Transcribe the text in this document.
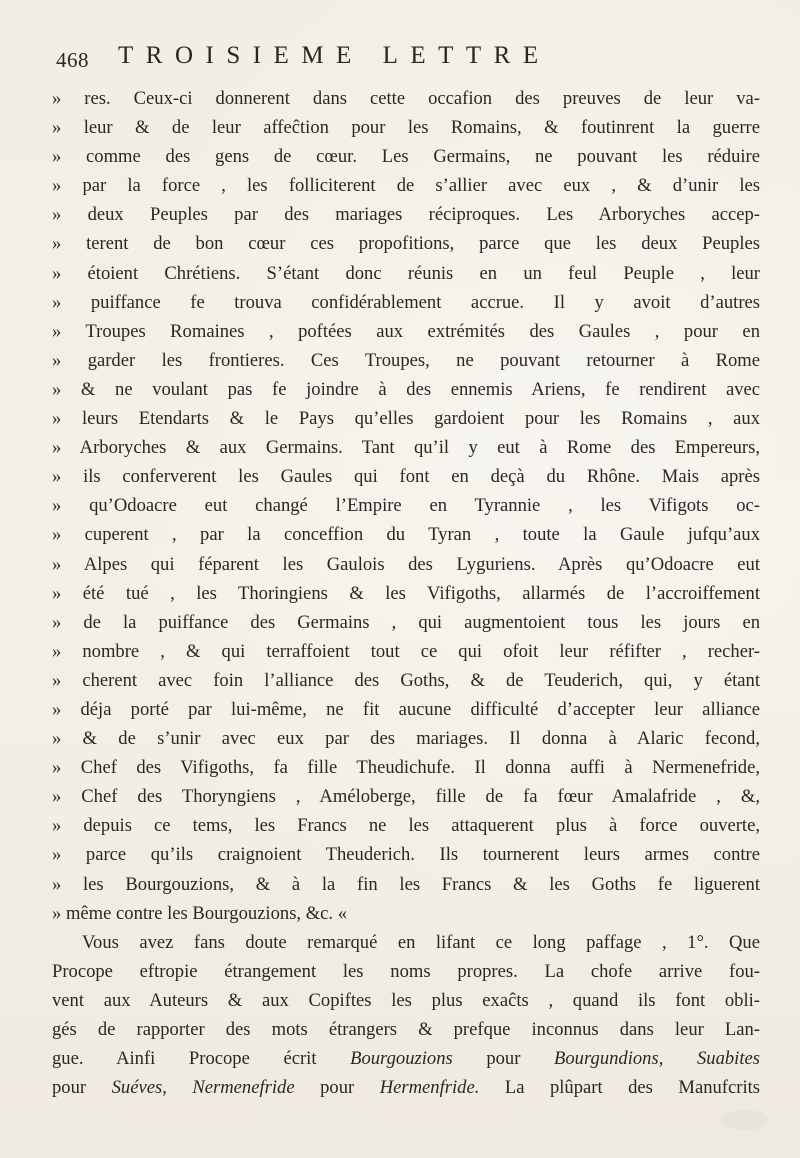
468 TROISIEME LETTRE
» res. Ceux-ci donnerent dans cette occafion des preuves de leur va-
» leur & de leur affeĉtion pour les Romains, & foutinrent la guerre
» comme des gens de cœur. Les Germains, ne pouvant les réduire
» par la force , les folliciterent de s’allier avec eux , & d’unir les
» deux Peuples par des mariages réciproques. Les Arboryches accep-
» terent de bon cœur ces propofitions, parce que les deux Peuples
» étoient Chrétiens. S’étant donc réunis en un feul Peuple , leur
» puiffance fe trouva confidérablement accrue. Il y avoit d’autres
» Troupes Romaines , poftées aux extrémités des Gaules , pour en
» garder les frontieres. Ces Troupes, ne pouvant retourner à Rome
» & ne voulant pas fe joindre à des ennemis Ariens, fe rendirent avec
» leurs Etendarts & le Pays qu’elles gardoient pour les Romains , aux
» Arboryches & aux Germains. Tant qu’il y eut à Rome des Empereurs,
» ils conferverent les Gaules qui font en deçà du Rhône. Mais après
» qu’Odoacre eut changé l’Empire en Tyrannie , les Vifigots oc-
» cuperent , par la conceffion du Tyran , toute la Gaule jufqu’aux
» Alpes qui féparent les Gaulois des Lyguriens. Après qu’Odoacre eut
» été tué , les Thoringiens & les Vifigoths, allarmés de l’accroiffement
» de la puiffance des Germains , qui augmentoient tous les jours en
» nombre , & qui terraffoient tout ce qui ofoit leur réfifter , recher-
» cherent avec foin l’alliance des Goths, & de Teuderich, qui, y étant
» déja porté par lui-même, ne fit aucune difficulté d’accepter leur alliance
» & de s’unir avec eux par des mariages. Il donna à Alaric fecond,
» Chef des Vifigoths, fa fille Theudichufe. Il donna auffi à Nermenefride,
» Chef des Thoryngiens , Améloberge, fille de fa fœur Amalafride , &,
» depuis ce tems, les Francs ne les attaquerent plus à force ouverte,
» parce qu’ils craignoient Theuderich. Ils tournerent leurs armes contre
» les Bourgouzions, & à la fin les Francs & les Goths fe liguerent
» même contre les Bourgouzions, &c. «
Vous avez fans doute remarqué en lifant ce long paffage , 1°. Que
Procope eftropie étrangement les noms propres. La chofe arrive fou-
vent aux Auteurs & aux Copiftes les plus exaĉts , quand ils font obli-
gés de rapporter des mots étrangers & prefque inconnus dans leur Lan-
gue. Ainfi Procope écrit Bourgouzions pour Bourgundions, Suabites
pour Suéves, Nermenefride pour Hermenfride. La plûpart des Manufcrits
